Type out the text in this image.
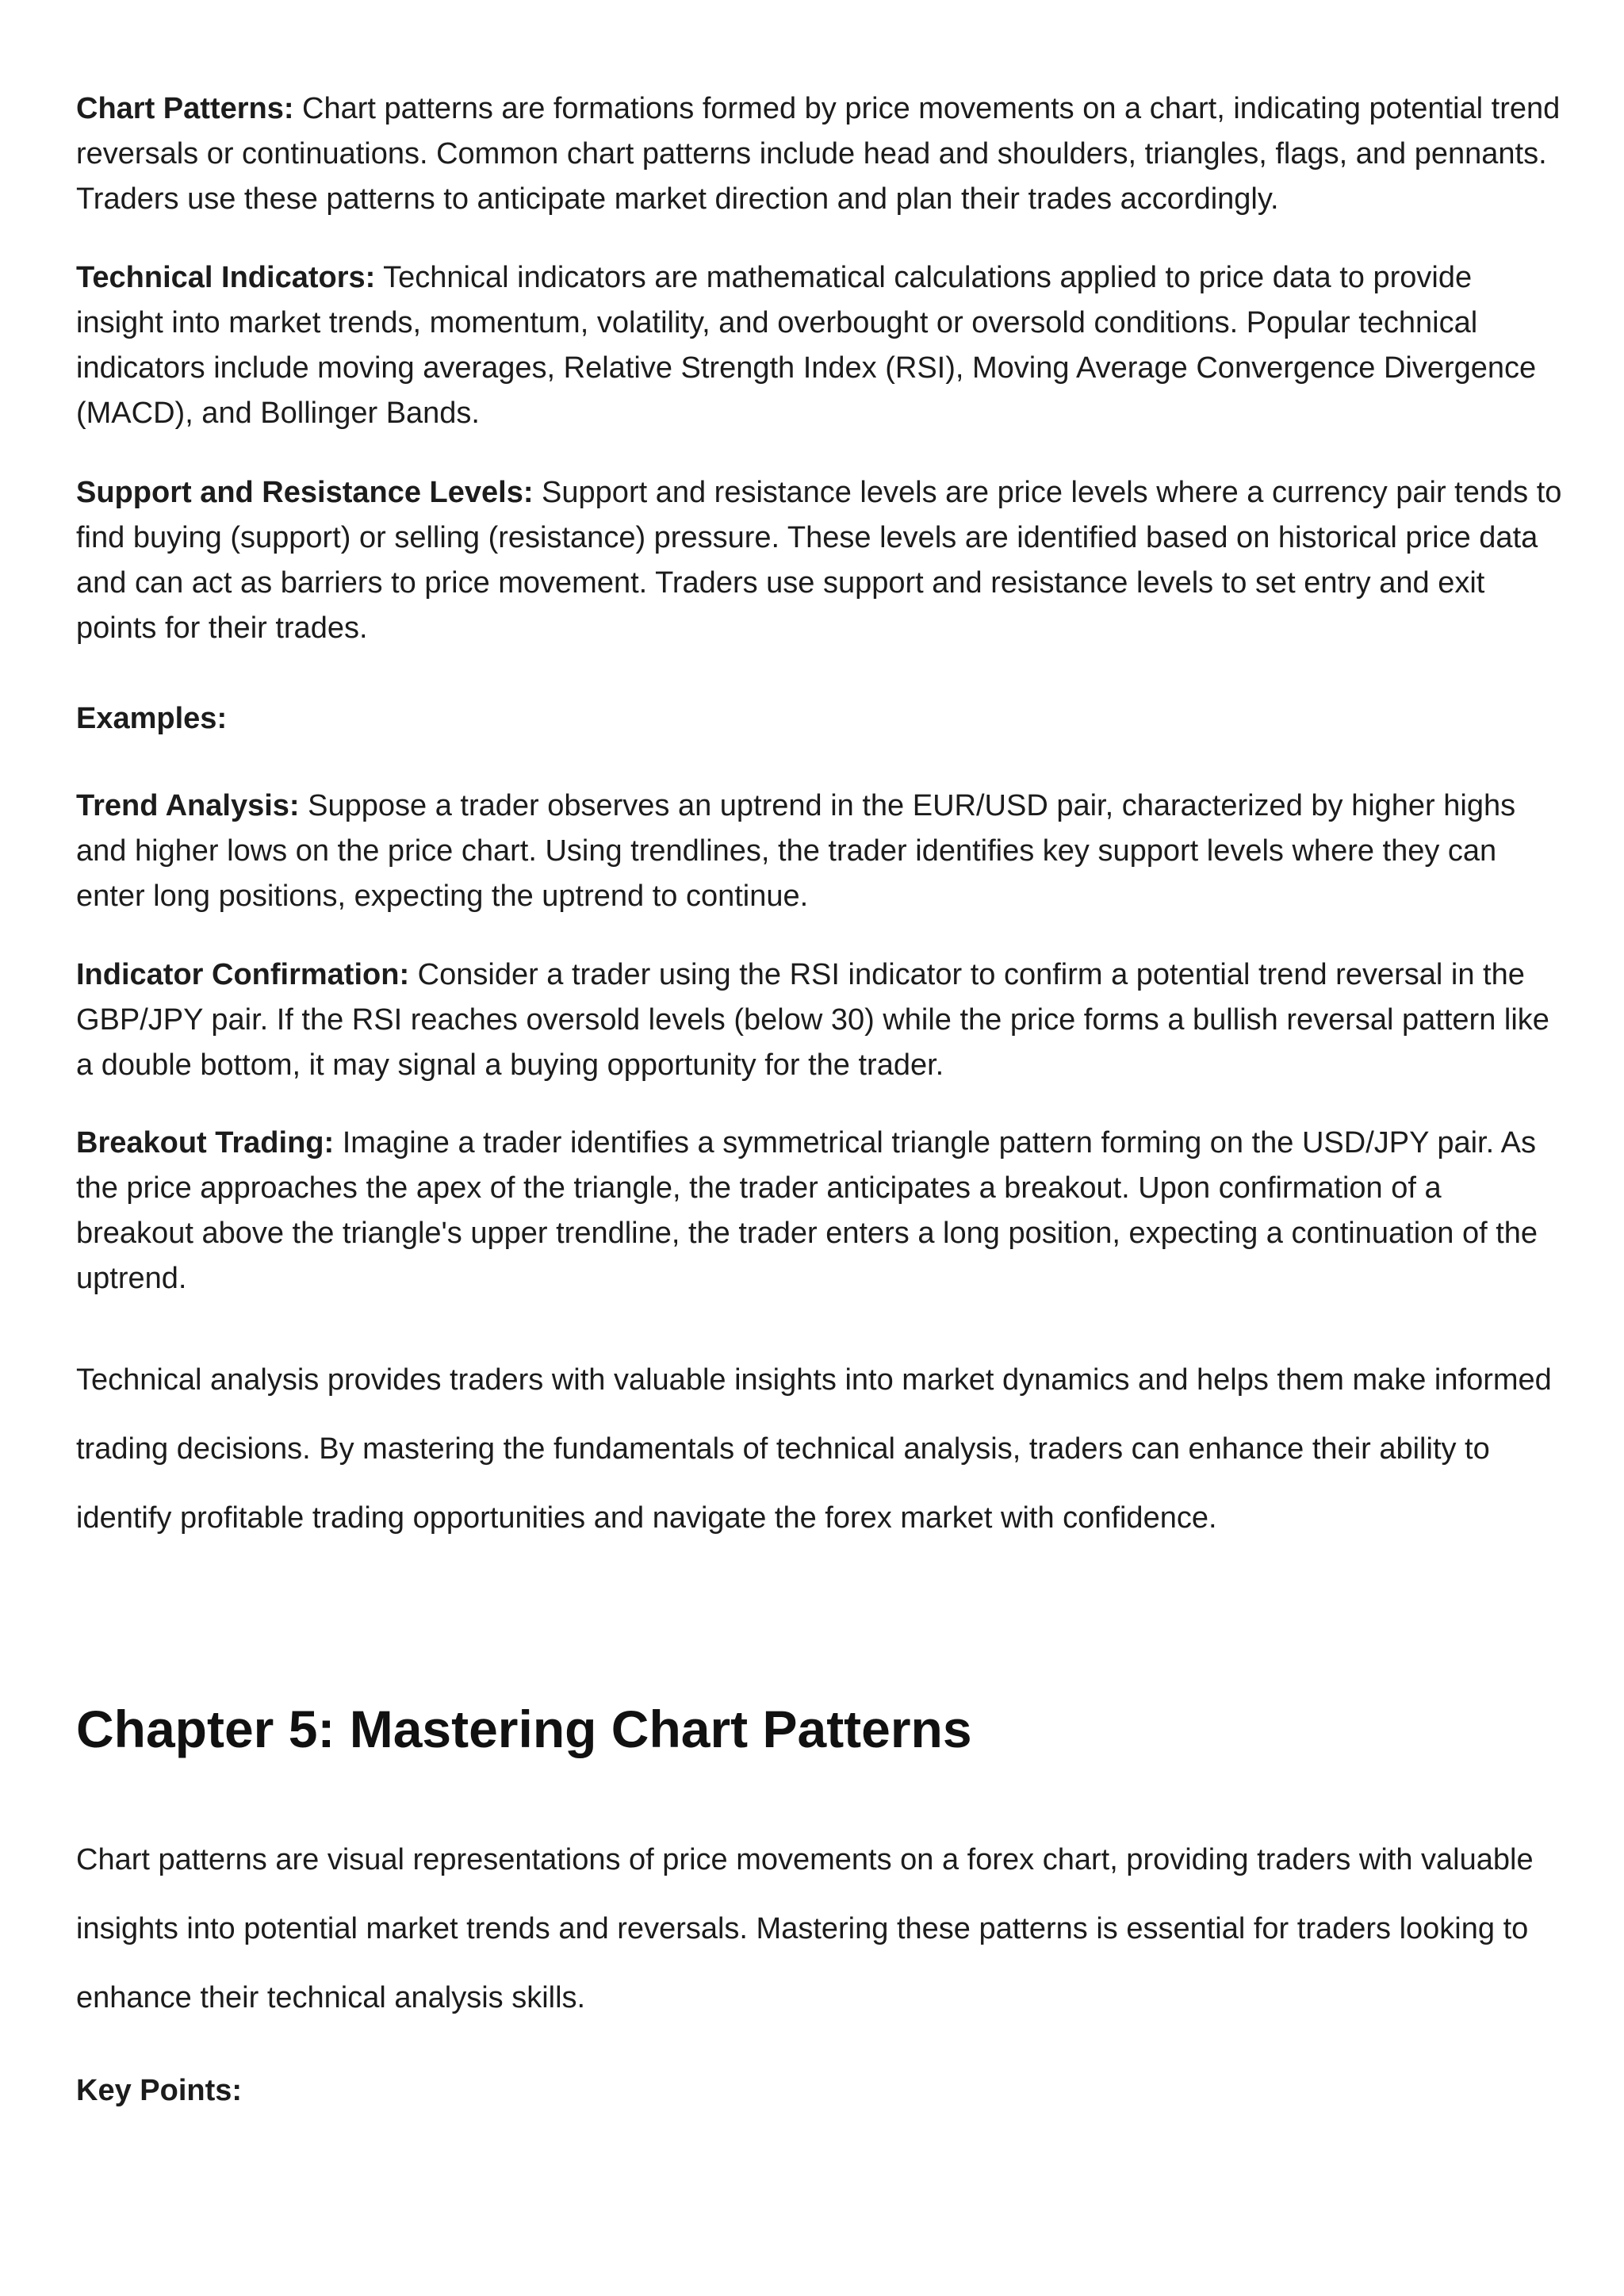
Chart Patterns: Chart patterns are formations formed by price movements on a chart, indicating potential trend reversals or continuations. Common chart patterns include head and shoulders, triangles, flags, and pennants. Traders use these patterns to anticipate market direction and plan their trades accordingly.

Technical Indicators: Technical indicators are mathematical calculations applied to price data to provide insight into market trends, momentum, volatility, and overbought or oversold conditions. Popular technical indicators include moving averages, Relative Strength Index (RSI), Moving Average Convergence Divergence (MACD), and Bollinger Bands.

Support and Resistance Levels: Support and resistance levels are price levels where a currency pair tends to find buying (support) or selling (resistance) pressure. These levels are identified based on historical price data and can act as barriers to price movement. Traders use support and resistance levels to set entry and exit points for their trades.

Examples:

Trend Analysis: Suppose a trader observes an uptrend in the EUR/USD pair, characterized by higher highs and higher lows on the price chart. Using trendlines, the trader identifies key support levels where they can enter long positions, expecting the uptrend to continue.

Indicator Confirmation: Consider a trader using the RSI indicator to confirm a potential trend reversal in the GBP/JPY pair. If the RSI reaches oversold levels (below 30) while the price forms a bullish reversal pattern like a double bottom, it may signal a buying opportunity for the trader.

Breakout Trading: Imagine a trader identifies a symmetrical triangle pattern forming on the USD/JPY pair. As the price approaches the apex of the triangle, the trader anticipates a breakout. Upon confirmation of a breakout above the triangle's upper trendline, the trader enters a long position, expecting a continuation of the uptrend.

Technical analysis provides traders with valuable insights into market dynamics and helps them make informed trading decisions. By mastering the fundamentals of technical analysis, traders can enhance their ability to identify profitable trading opportunities and navigate the forex market with confidence.

Chapter 5: Mastering Chart Patterns

Chart patterns are visual representations of price movements on a forex chart, providing traders with valuable insights into potential market trends and reversals. Mastering these patterns is essential for traders looking to enhance their technical analysis skills.

Key Points:
